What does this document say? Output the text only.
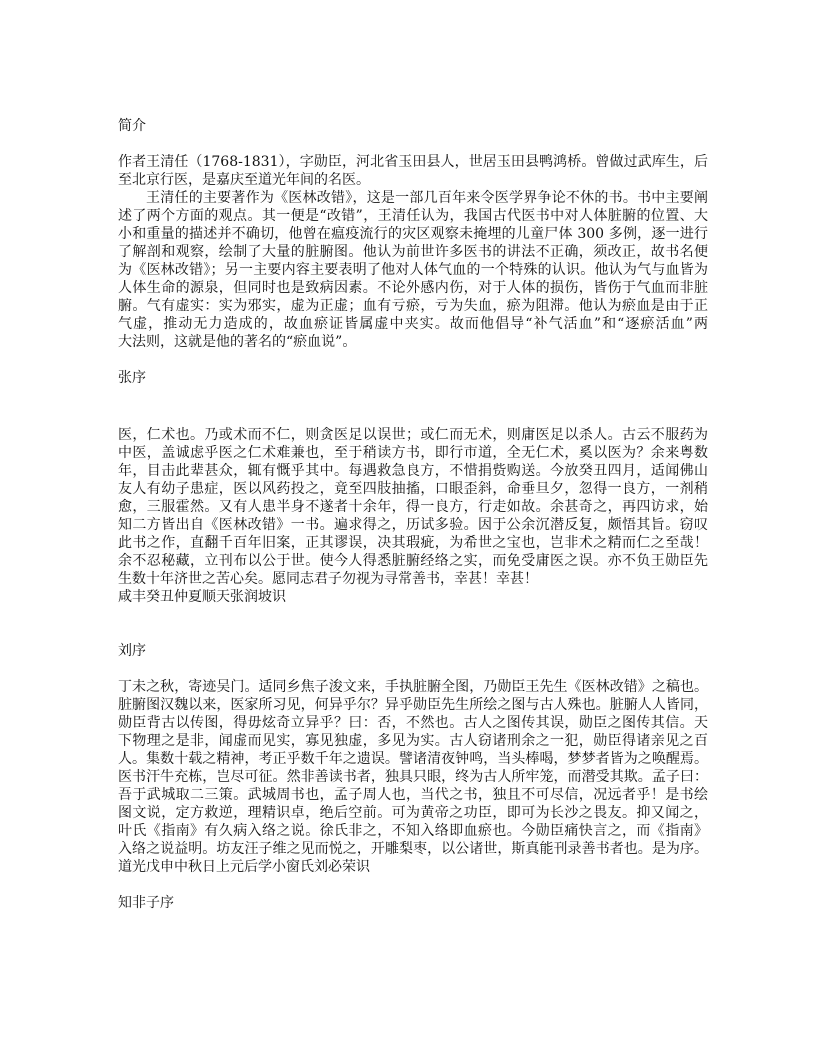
简介
作者王清任（1768-1831），字勋臣，河北省玉田县人，世居玉田县鸭鸿桥。曾做过武库生，后
至北京行医，是嘉庆至道光年间的名医。
王清任的主要著作为《医林改错》，这是一部几百年来令医学界争论不休的书。书中主要阐
述了两个方面的观点。其一便是“改错”，王清任认为，我国古代医书中对人体脏腑的位置、大
小和重量的描述并不确切，他曾在瘟疫流行的灾区观察未掩埋的儿童尸体 300 多例，逐一进行
了解剖和观察，绘制了大量的脏腑图。他认为前世许多医书的讲法不正确，须改正，故书名便
为《医林改错》；另一主要内容主要表明了他对人体气血的一个特殊的认识。他认为气与血皆为
人体生命的源泉，但同时也是致病因素。不论外感内伤，对于人体的损伤，皆伤于气血而非脏
腑。气有虚实：实为邪实，虚为正虚；血有亏瘀，亏为失血，瘀为阻滞。他认为瘀血是由于正
气虚，推动无力造成的，故血瘀证皆属虚中夹实。故而他倡导“补气活血”和“逐瘀活血”两
大法则，这就是他的著名的“瘀血说”。
张序
医，仁术也。乃或术而不仁，则贪医足以误世；或仁而无术，则庸医足以杀人。古云不服药为
中医，盖诚虑乎医之仁术难兼也，至于稍读方书，即行市道，全无仁术，奚以医为？余来粤数
年，目击此辈甚众，辄有慨乎其中。每遇救急良方，不惜捐赀购送。今放癸丑四月，适闻佛山
友人有幼子患症，医以风药投之，竟至四肢抽搐，口眼歪斜，命垂旦夕，忽得一良方，一剂稍
愈，三服霍然。又有人患半身不遂者十余年，得一良方，行走如故。余甚奇之，再四访求，始
知二方皆出自《医林改错》一书。遍求得之，历试多验。因于公余沉潜反复，颇悟其旨。窃叹
此书之作，直翻千百年旧案，正其谬误，决其瑕疵，为希世之宝也，岂非术之精而仁之至哉！
余不忍秘藏，立刊布以公于世。使今人得悉脏腑经络之实，而免受庸医之误。亦不负王勋臣先
生数十年济世之苦心矣。愿同志君子勿视为寻常善书，幸甚！幸甚！
咸丰癸丑仲夏顺天张润坡识
刘序
丁未之秋，寄迹吴门。适同乡焦子浚文来，手执脏腑全图，乃勋臣王先生《医林改错》之稿也。
脏腑图汉魏以来，医家所习见，何异乎尔？异乎勋臣先生所绘之图与古人殊也。脏腑人人皆同，
勋臣背古以传图，得毋炫奇立异乎？曰：否，不然也。古人之图传其误，勋臣之图传其信。天
下物理之是非，闻虚而见实，寡见独虚，多见为实。古人窃诸刑余之一犯，勋臣得诸亲见之百
人。集数十载之精神，考正乎数千年之遗误。譬诸清夜钟鸣，当头棒喝，梦梦者皆为之唤醒焉。
医书汗牛充栋，岂尽可征。然非善读书者，独具只眼，终为古人所牢笼，而潜受其欺。孟子曰：
吾于武城取二三策。武城周书也，孟子周人也，当代之书，独且不可尽信，况远者乎！是书绘
图文说，定方救逆，理精识卓，绝后空前。可为黄帝之功臣，即可为长沙之畏友。抑又闻之，
叶氏《指南》有久病入络之说。徐氏非之，不知入络即血瘀也。今勋臣痛快言之，而《指南》
入络之说益明。坊友汪子维之见而悦之，开雕梨枣，以公诸世，斯真能刊录善书者也。是为序。
道光戊申中秋日上元后学小窗氏刘必荣识
知非子序
